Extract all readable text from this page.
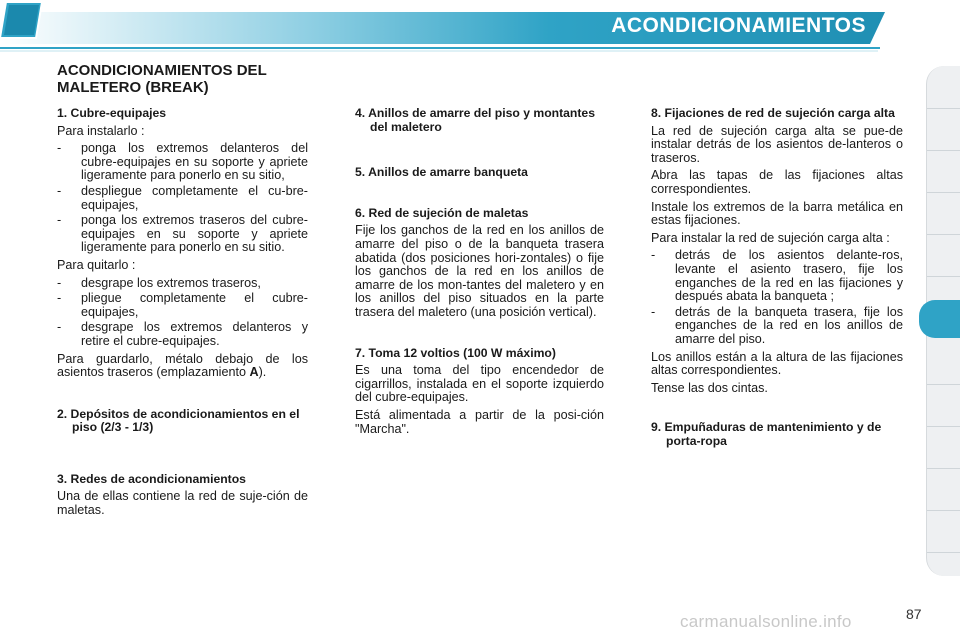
ACONDICIONAMIENTOS	6
ACONDICIONAMIENTOS DEL MALETERO (BREAK)
1. Cubre-equipajes

Para instalarlo :

- ponga los extremos delanteros del cubre-equipajes en su soporte y apriete ligeramente para ponerlo en su sitio,
- despliegue completamente el cu-bre-equipajes,
- ponga los extremos traseros del cubre-equipajes en su soporte y apriete ligeramente para ponerlo en su sitio.

Para quitarlo :

- desgrape los extremos traseros,
- pliegue completamente el cubre-equipajes,
- desgrape los extremos delanteros y retire el cubre-equipajes.

Para guardarlo, métalo debajo de los asientos traseros (emplazamiento A).

2. Depósitos de acondicionamientos en el piso (2/3 - 1/3)
3. Redes de acondicionamientos

Una de ellas contiene la red de suje-ción de maletas.

4. Anillos de amarre del piso y montantes del maletero
5. Anillos de amarre banqueta
6. Red de sujeción de maletas

Fije los ganchos de la red en los anillos de amarre del piso o de la banqueta trasera abatida (dos posiciones hori-zontales) o fije los ganchos de la red en los anillos de amarre de los mon-tantes del maletero y en los anillos del piso situados en la parte trasera del maletero (una posición vertical).

7. Toma 12 voltios (100 W máximo)

Es una toma del tipo encendedor de cigarrillos, instalada en el soporte izquierdo del cubre-equipajes.

Está alimentada a partir de la posi-ción "Marcha".

8. Fijaciones de red de sujeción carga alta

La red de sujeción carga alta se pue-de instalar detrás de los asientos de-lanteros o traseros.

Abra las tapas de las fijaciones altas correspondientes.

Instale los extremos de la barra metálica en estas fijaciones.

Para instalar la red de sujeción carga alta :

- detrás de los asientos delante-ros, levante el asiento trasero, fije los enganches de la red en las fijaciones y después abata la banqueta ;
- detrás de la banqueta trasera, fije los enganches de la red en los anillos de amarre del piso.

Los anillos están a la altura de las fijaciones altas correspondientes.

Tense las dos cintas.

9. Empuñaduras de mantenimiento y de porta-ropa
87
carmanualsonline.info
